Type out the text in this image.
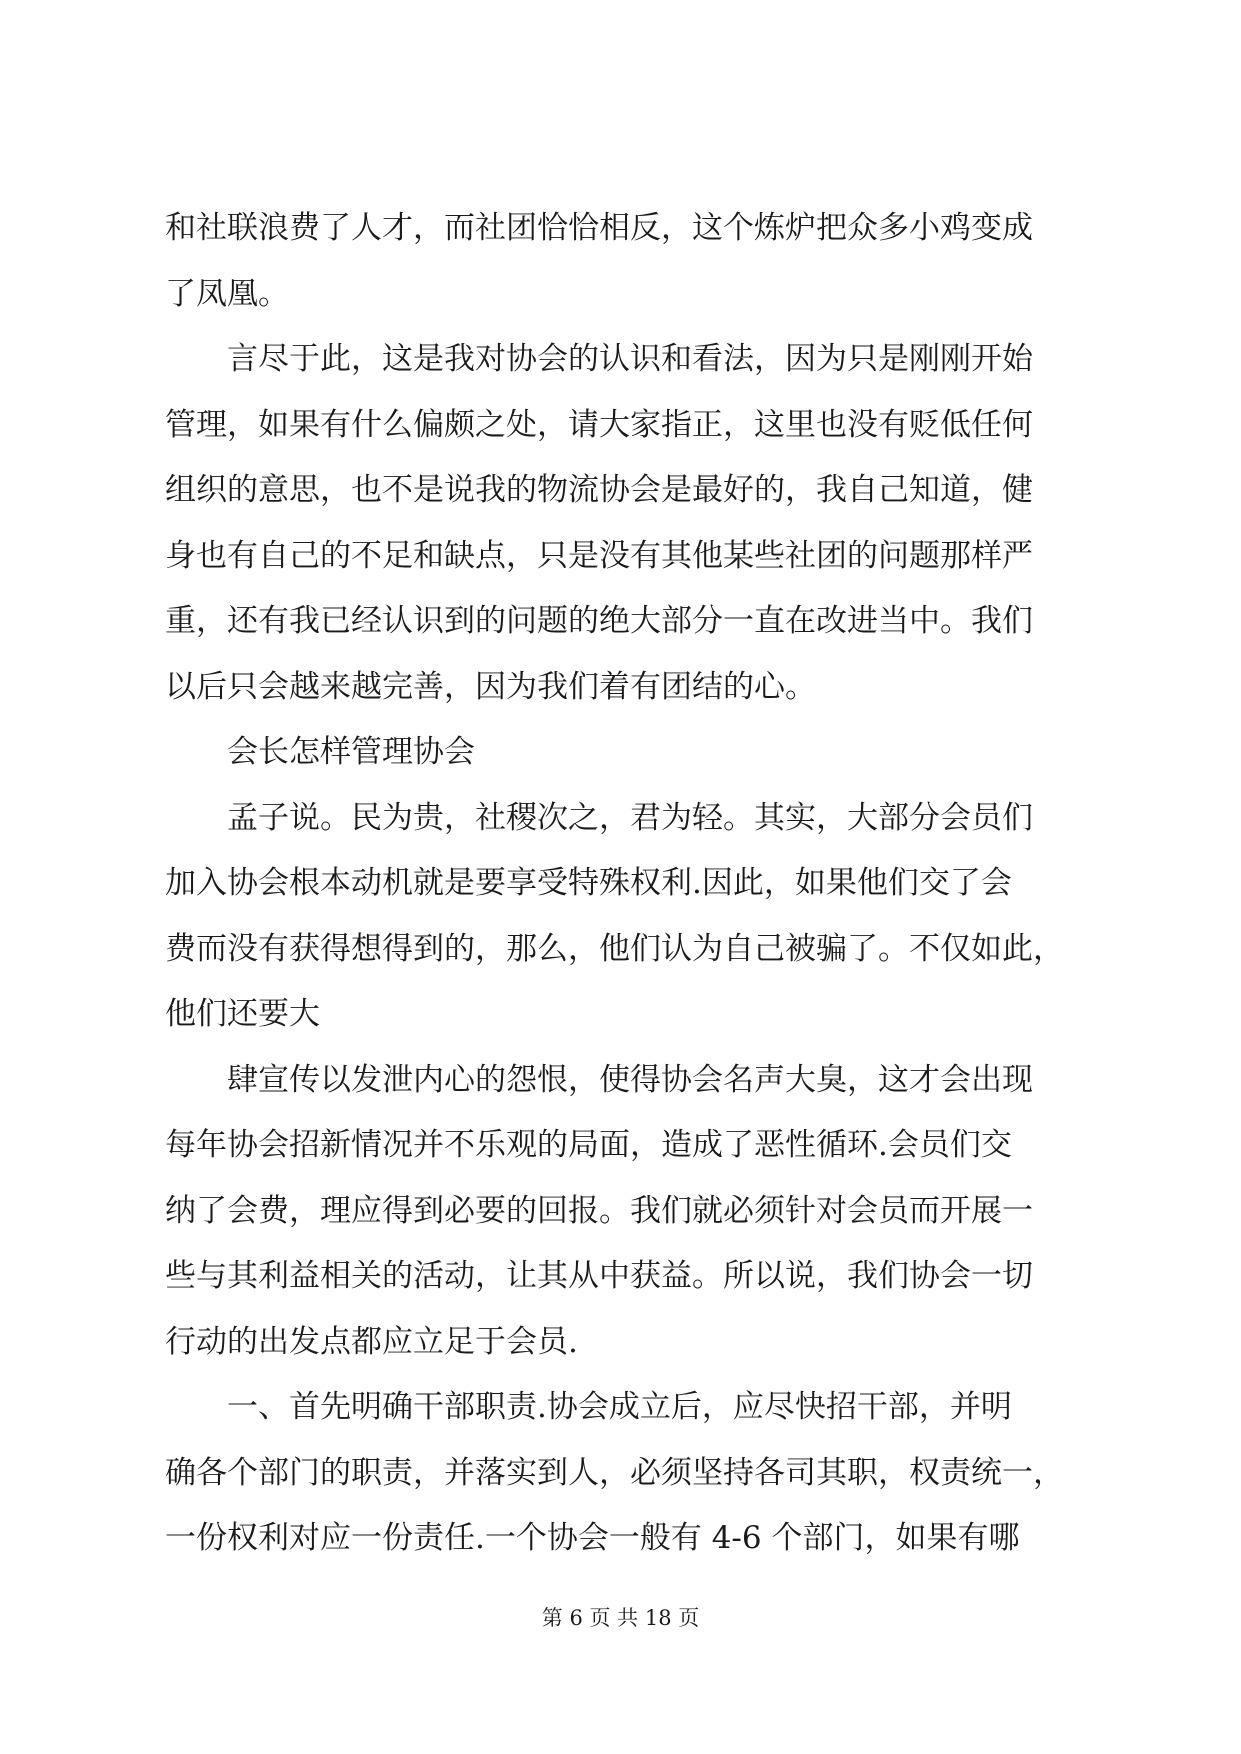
和社联浪费了人才，而社团恰恰相反，这个炼炉把众多小鸡变成
了凤凰。
　　言尽于此，这是我对协会的认识和看法，因为只是刚刚开始
管理，如果有什么偏颇之处，请大家指正，这里也没有贬低任何
组织的意思，也不是说我的物流协会是最好的，我自己知道，健
身也有自己的不足和缺点，只是没有其他某些社团的问题那样严
重，还有我已经认识到的问题的绝大部分一直在改进当中。我们
以后只会越来越完善，因为我们着有团结的心。
　　会长怎样管理协会
　　孟子说。民为贵，社稷次之，君为轻。其实，大部分会员们
加入协会根本动机就是要享受特殊权利.因此，如果他们交了会
费而没有获得想得到的，那么，他们认为自己被骗了。不仅如此，
他们还要大
　　肆宣传以发泄内心的怨恨，使得协会名声大臭，这才会出现
每年协会招新情况并不乐观的局面，造成了恶性循环.会员们交
纳了会费，理应得到必要的回报。我们就必须针对会员而开展一
些与其利益相关的活动，让其从中获益。所以说，我们协会一切
行动的出发点都应立足于会员.
　　一、首先明确干部职责.协会成立后，应尽快招干部，并明
确各个部门的职责，并落实到人，必须坚持各司其职，权责统一，
一份权利对应一份责任.一个协会一般有 4-6 个部门，如果有哪
第 6 页 共 18 页
